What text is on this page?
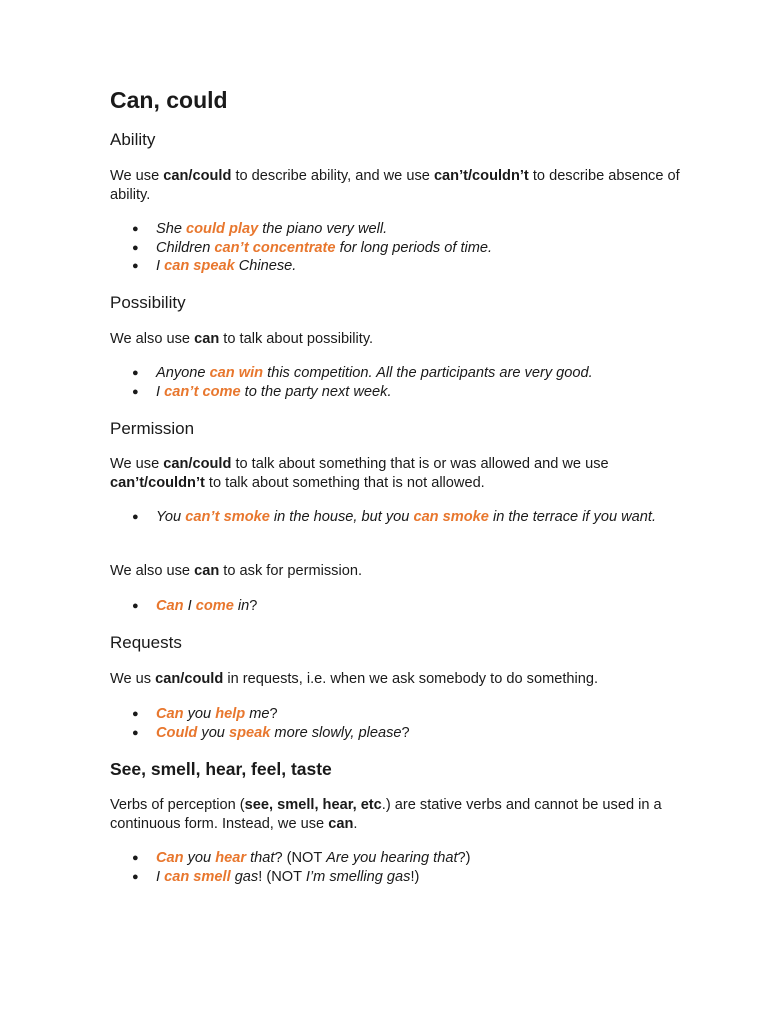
Can, could
Ability

We use can/could to describe ability, and we use can’t/couldn’t to describe absence of ability.

● She could play the piano very well.
● Children can’t concentrate for long periods of time.
● I can speak Chinese.
Possibility

We also use can to talk about possibility.

● Anyone can win this competition. All the participants are very good.
● I can’t come to the party next week.
Permission

We use can/could to talk about something that is or was allowed and we use can’t/couldn’t to talk about something that is not allowed.

● You can’t smoke in the house, but you can smoke in the terrace if you want.

We also use can to ask for permission.

● Can I come in?
Requests

We us can/could in requests, i.e. when we ask somebody to do something.

● Can you help me?
● Could you speak more slowly, please?
See, smell, hear, feel, taste

Verbs of perception (see, smell, hear, etc.) are stative verbs and cannot be used in a continuous form. Instead, we use can.

● Can you hear that? (NOT Are you hearing that?)
● I can smell gas! (NOT I’m smelling gas!)
